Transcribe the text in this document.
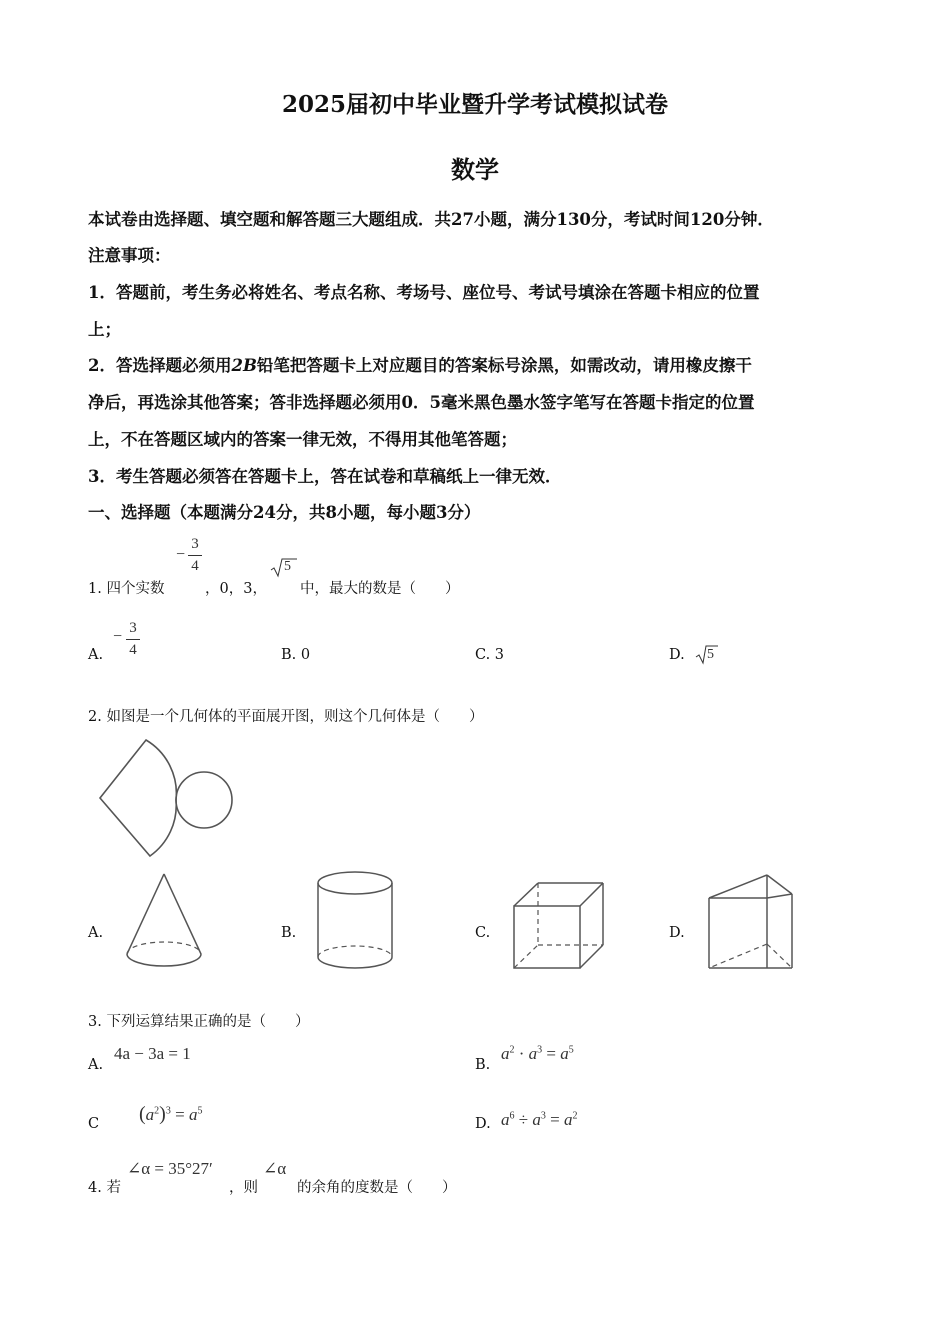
2025届初中毕业暨升学考试模拟试卷
数学
本试卷由选择题、填空题和解答题三大题组成．共27小题，满分130分，考试时间120分钟．
注意事项：
1．答题前，考生务必将姓名、考点名称、考场号、座位号、考试号填涂在答题卡相应的位置
上；
2．答选择题必须用2B铅笔把答题卡上对应题目的答案标号涂黑，如需改动，请用橡皮擦干
净后，再选涂其他答案；答非选择题必须用0．5毫米黑色墨水签字笔写在答题卡指定的位置
上，不在答题区域内的答案一律无效，不得用其他笔答题；
3．考生答题必须答在答题卡上，答在试卷和草稿纸上一律无效．
一、选择题（本题满分24分，共8小题，每小题3分）
1. 四个实数
−
3
4
，0，3，
5
中，最大的数是（　　）
A.
− 3
4	B. 0	C. 3	D. 5
2. 如图是一个几何体的平面展开图，则这个几何体是（　　）
A.	B.	C.	D.
3. 下列运算结果正确的是（　　）
A.
4a − 3a = 1
B.
$a^2 \cdot a^3 = a^5$
C $(a^2)^3 = a^5$
D. $a^6 \div a^3 = a^2$
4. 若
∠α = 35°27′
，则
∠α
的余角的度数是（　　）
